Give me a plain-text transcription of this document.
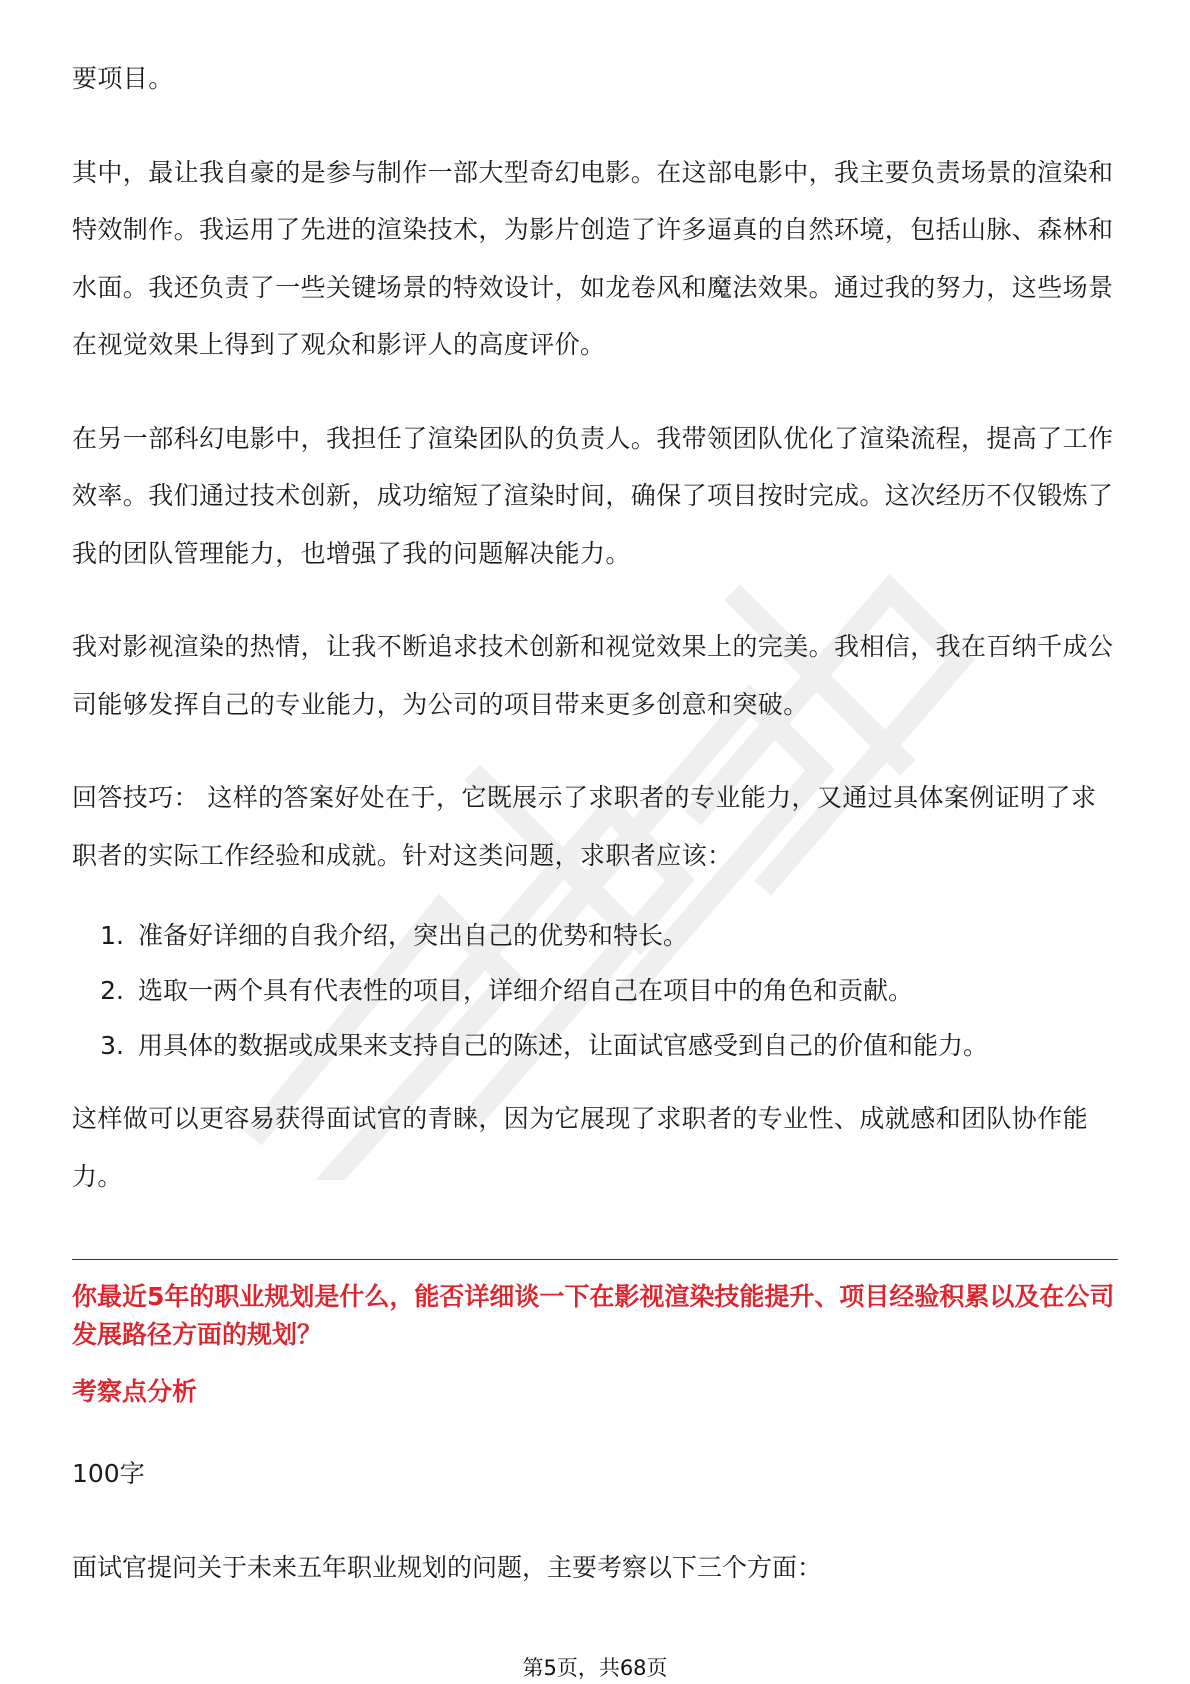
要项目。

其中，最让我自豪的是参与制作一部大型奇幻电影。在这部电影中，我主要负责场景的渲染和特效制作。我运用了先进的渲染技术，为影片创造了许多逼真的自然环境，包括山脉、森林和水面。我还负责了一些关键场景的特效设计，如龙卷风和魔法效果。通过我的努力，这些场景在视觉效果上得到了观众和影评人的高度评价。

在另一部科幻电影中，我担任了渲染团队的负责人。我带领团队优化了渲染流程，提高了工作效率。我们通过技术创新，成功缩短了渲染时间，确保了项目按时完成。这次经历不仅锻炼了我的团队管理能力，也增强了我的问题解决能力。

我对影视渲染的热情，让我不断追求技术创新和视觉效果上的完美。我相信，我在百纳千成公司能够发挥自己的专业能力，为公司的项目带来更多创意和突破。

回答技巧： 这样的答案好处在于，它既展示了求职者的专业能力，又通过具体案例证明了求职者的实际工作经验和成就。针对这类问题，求职者应该：

1. 准备好详细的自我介绍，突出自己的优势和特长。
2. 选取一两个具有代表性的项目，详细介绍自己在项目中的角色和贡献。
3. 用具体的数据或成果来支持自己的陈述，让面试官感受到自己的价值和能力。

这样做可以更容易获得面试官的青睐，因为它展现了求职者的专业性、成就感和团队协作能力。

你最近5年的职业规划是什么，能否详细谈一下在影视渲染技能提升、项目经验积累以及在公司发展路径方面的规划？
考察点分析

100字

面试官提问关于未来五年职业规划的问题，主要考察以下三个方面：

第5页，共68页
